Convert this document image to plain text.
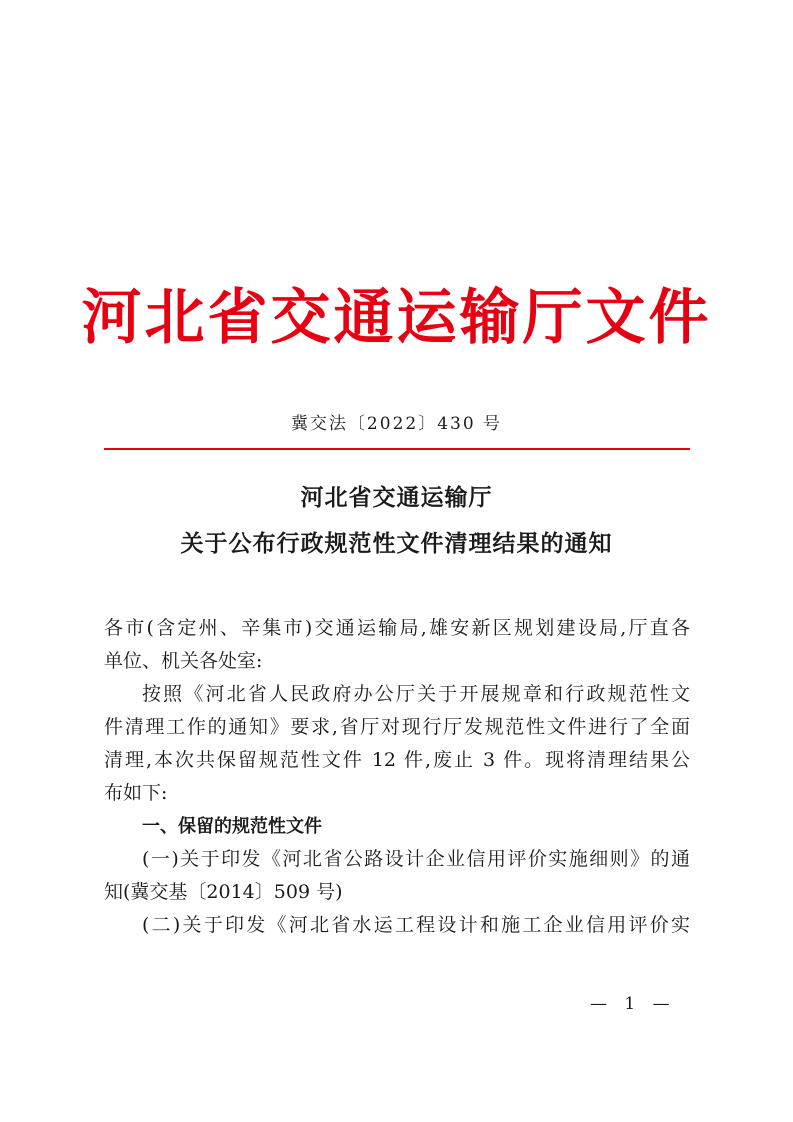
河北省交通运输厅文件
冀交法〔2022〕430 号
河北省交通运输厅
关于公布行政规范性文件清理结果的通知
各市(含定州、辛集市)交通运输局,雄安新区规划建设局,厅直各
单位、机关各处室:
按照《河北省人民政府办公厅关于开展规章和行政规范性文
件清理工作的通知》要求,省厅对现行厅发规范性文件进行了全面
清理,本次共保留规范性文件 12 件,废止 3 件。现将清理结果公
布如下:
一、保留的规范性文件
(一)关于印发《河北省公路设计企业信用评价实施细则》的通
知(冀交基〔2014〕509 号)
(二)关于印发《河北省水运工程设计和施工企业信用评价实
— 1 —
